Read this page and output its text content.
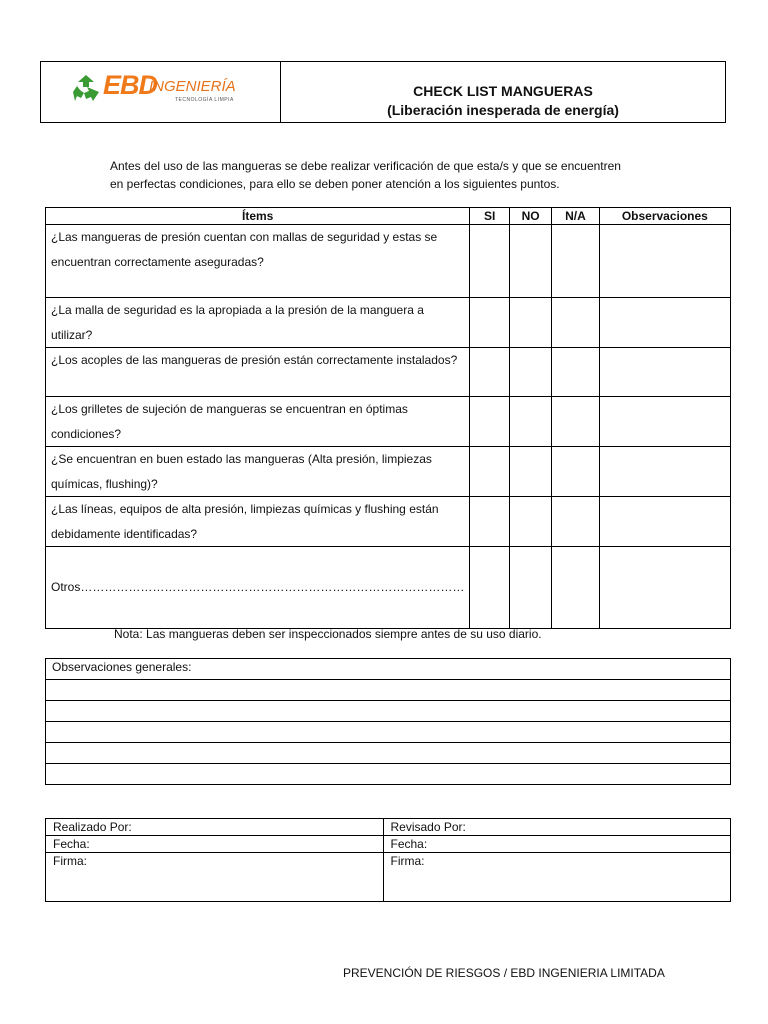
EBD
INGENIERÍA
TECNOLOGÍA LIMPIA
CHECK LIST MANGUERAS
(Liberación inesperada de energía)
Antes del uso de las mangueras se debe realizar verificación de que esta/s y que se encuentren
en perfectas condiciones, para ello se deben poner atención a los siguientes puntos.
Ítems	SI	NO	N/A	Observaciones
¿Las mangueras de presión cuentan con mallas de seguridad y estas se encuentran correctamente aseguradas?				
¿La malla de seguridad es la apropiada a la presión de la manguera a utilizar?				
¿Los acoples de las mangueras de presión están correctamente instalados?				
¿Los grilletes de sujeción de mangueras se encuentran en óptimas condiciones?				
¿Se encuentran en buen estado las mangueras (Alta presión, limpiezas químicas, flushing)?				
¿Las líneas, equipos de alta presión, limpiezas químicas y flushing están debidamente identificadas?				
Otros……………………………………………………………………………………				
Nota: Las mangueras deben ser inspeccionados siempre antes de su uso diario.
Observaciones generales:

Realizado Por:	Revisado Por:
Fecha:	Fecha:
Firma:	Firma:
PREVENCIÓN DE RIESGOS / EBD INGENIERIA LIMITADA
